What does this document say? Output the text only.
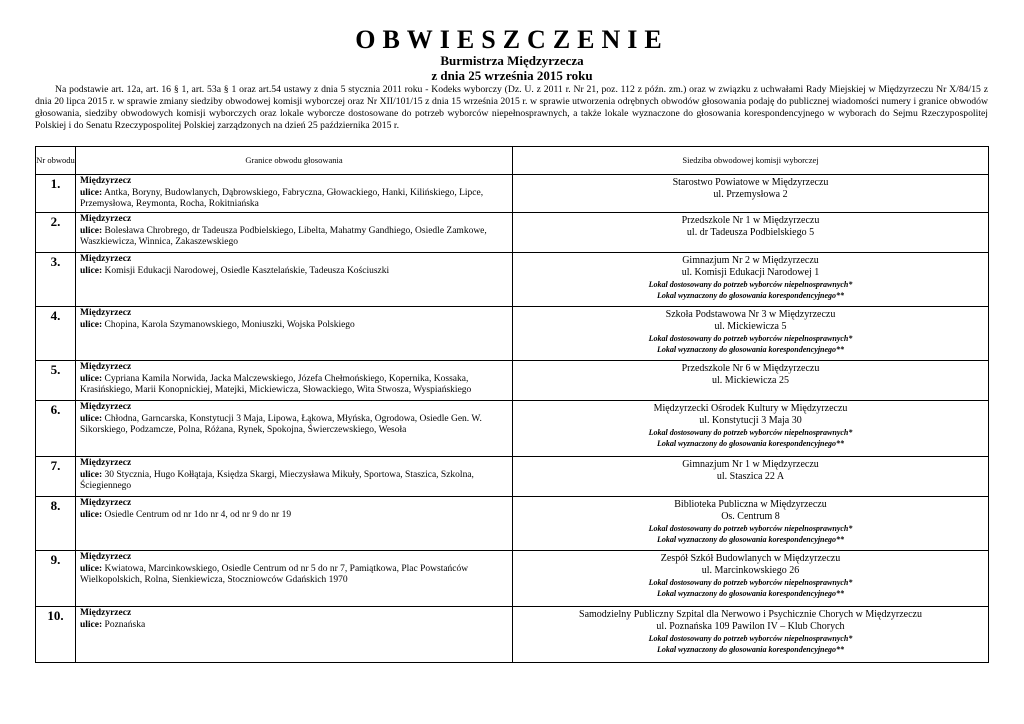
OBWIESZCZENIE
Burmistrza Międzyrzecza
z dnia 25 września 2015 roku
Na podstawie art. 12a, art. 16 § 1, art. 53a § 1 oraz art.54 ustawy z dnia 5 stycznia 2011 roku - Kodeks wyborczy (Dz. U. z 2011 r. Nr 21, poz. 112 z późn. zm.) oraz w związku z uchwałami Rady Miejskiej w Międzyrzeczu Nr X/84/15 z dnia 20 lipca 2015 r. w sprawie zmiany siedziby obwodowej komisji wyborczej oraz Nr XII/101/15 z dnia 15 września 2015 r. w sprawie utworzenia odrębnych obwodów głosowania podaję do publicznej wiadomości numery i granice obwodów głosowania, siedziby obwodowych komisji wyborczych oraz lokale wyborcze dostosowane do potrzeb wyborców niepełnosprawnych, a także lokale wyznaczone do głosowania korespondencyjnego w wyborach do Sejmu Rzeczypospolitej Polskiej i do Senatu Rzeczypospolitej Polskiej zarządzonych na dzień 25 października 2015 r.
Nr obwodu	Granice obwodu głosowania	Siedziba obwodowej komisji wyborczej
1.	Międzyrzecz
ulice: Antka, Boryny, Budowlanych, Dąbrowskiego, Fabryczna, Głowackiego, Hanki, Kilińskiego, Lipce, Przemysłowa, Reymonta, Rocha, Rokitniańska	Starostwo Powiatowe w Międzyrzeczu
ul. Przemysłowa 2

2.	Międzyrzecz
ulice: Bolesława Chrobrego, dr Tadeusza Podbielskiego, Libelta, Mahatmy Gandhiego, Osiedle Zamkowe, Waszkiewicza, Winnica, Zakaszewskiego	Przedszkole Nr 1 w Międzyrzeczu
ul. dr Tadeusza Podbielskiego 5

3.	Międzyrzecz
ulice: Komisji Edukacji Narodowej, Osiedle Kasztelańskie, Tadeusza Kościuszki	Gimnazjum Nr 2 w Międzyrzeczu
ul. Komisji Edukacji Narodowej 1
Lokal dostosowany do potrzeb wyborców niepełnosprawnych*
Lokal wyznaczony do głosowania korespondencyjnego**

4.	Międzyrzecz
ulice: Chopina, Karola Szymanowskiego, Moniuszki, Wojska Polskiego	Szkoła Podstawowa Nr 3 w Międzyrzeczu
ul. Mickiewicza 5
Lokal dostosowany do potrzeb wyborców niepełnosprawnych*
Lokal wyznaczony do głosowania korespondencyjnego**

5.	Międzyrzecz
ulice: Cypriana Kamila Norwida, Jacka Malczewskiego, Józefa Chełmońskiego, Kopernika, Kossaka, Krasińskiego, Marii Konopnickiej, Matejki, Mickiewicza, Słowackiego, Wita Stwosza, Wyspiańskiego	Przedszkole Nr 6 w Międzyrzeczu
ul. Mickiewicza 25

6.	Międzyrzecz
ulice: Chłodna, Garncarska, Konstytucji 3 Maja, Lipowa, Łąkowa, Młyńska, Ogrodowa, Osiedle Gen. W. Sikorskiego, Podzamcze, Polna, Różana, Rynek, Spokojna, Świerczewskiego, Wesoła	Międzyrzecki Ośrodek Kultury w Międzyrzeczu
ul. Konstytucji 3 Maja 30
Lokal dostosowany do potrzeb wyborców niepełnosprawnych*
Lokal wyznaczony do głosowania korespondencyjnego**

7.	Międzyrzecz
ulice: 30 Stycznia, Hugo Kołłątaja, Księdza Skargi, Mieczysława Mikuły, Sportowa, Staszica, Szkolna, Ściegiennego	Gimnazjum Nr 1 w Międzyrzeczu
ul. Staszica 22 A

8.	Międzyrzecz
ulice: Osiedle Centrum od nr 1do nr 4, od nr 9 do nr 19	Biblioteka Publiczna w Międzyrzeczu
Os. Centrum 8
Lokal dostosowany do potrzeb wyborców niepełnosprawnych*
Lokal wyznaczony do głosowania korespondencyjnego**

9.	Międzyrzecz
ulice: Kwiatowa, Marcinkowskiego, Osiedle Centrum od nr 5 do nr 7, Pamiątkowa, Plac Powstańców Wielkopolskich, Rolna, Sienkiewicza, Stoczniowców Gdańskich 1970	Zespół Szkół Budowlanych w Międzyrzeczu
ul. Marcinkowskiego 26
Lokal dostosowany do potrzeb wyborców niepełnosprawnych*
Lokal wyznaczony do głosowania korespondencyjnego**

10.	Międzyrzecz
ulice: Poznańska	Samodzielny Publiczny Szpital dla Nerwowo i Psychicznie Chorych w Międzyrzeczu
ul. Poznańska 109 Pawilon IV – Klub Chorych
Lokal dostosowany do potrzeb wyborców niepełnosprawnych*
Lokal wyznaczony do głosowania korespondencyjnego**
